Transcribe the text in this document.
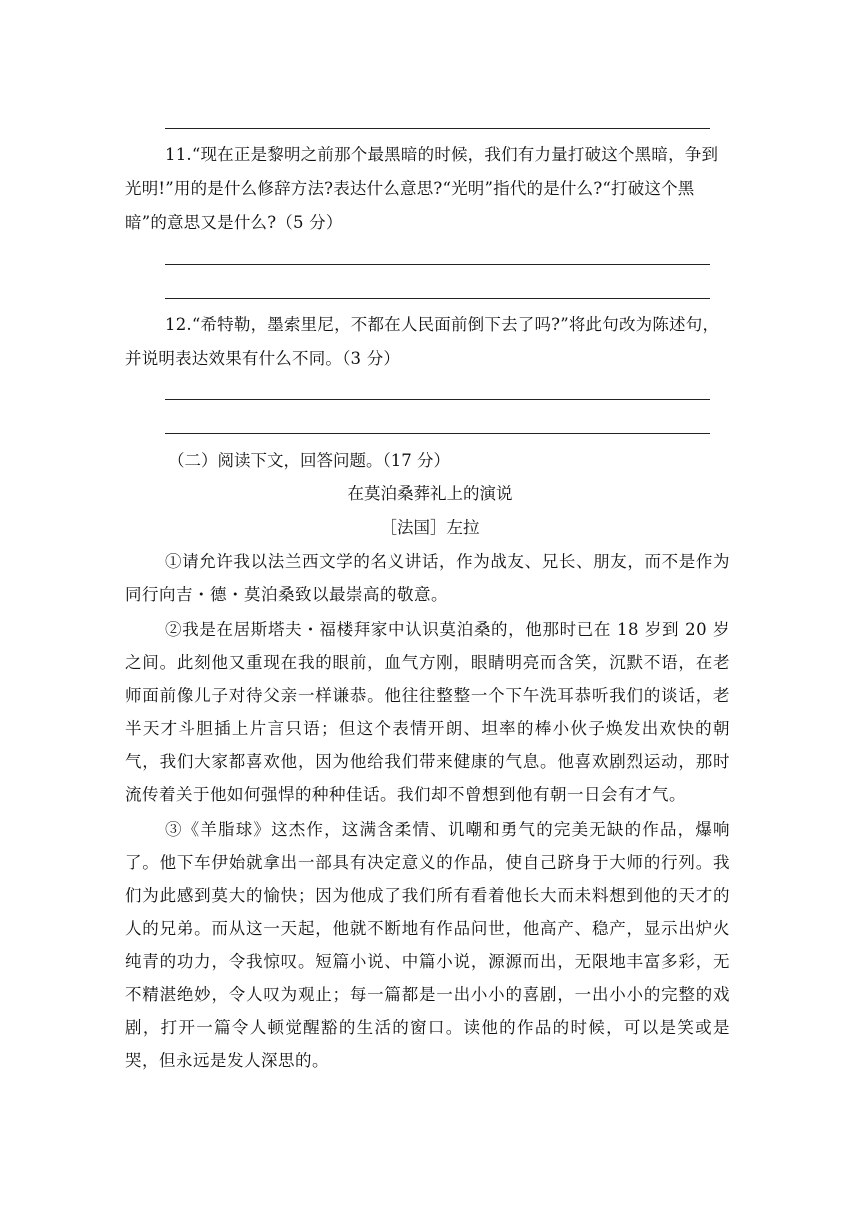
11.“现在正是黎明之前那个最黑暗的时候，我们有力量打破这个黑暗，争到光明!”用的是什么修辞方法?表达什么意思?“光明”指代的是什么?“打破这个黑暗”的意思又是什么?（5 分）
12.“希特勒，墨索里尼，不都在人民面前倒下去了吗?”将此句改为陈述句，并说明表达效果有什么不同。（3 分）
（二）阅读下文，回答问题。（17 分）
在莫泊桑葬礼上的演说
［法国］左拉
①请允许我以法兰西文学的名义讲话，作为战友、兄长、朋友，而不是作为同行向吉・德・莫泊桑致以最崇高的敬意。
②我是在居斯塔夫・福楼拜家中认识莫泊桑的，他那时已在 18 岁到 20 岁之间。此刻他又重现在我的眼前，血气方刚，眼睛明亮而含笑，沉默不语，在老师面前像儿子对待父亲一样谦恭。他往往整整一个下午洗耳恭听我们的谈话，老半天才斗胆插上片言只语；但这个表情开朗、坦率的棒小伙子焕发出欢快的朝气，我们大家都喜欢他，因为他给我们带来健康的气息。他喜欢剧烈运动，那时流传着关于他如何强悍的种种佳话。我们却不曾想到他有朝一日会有才气。
③《羊脂球》这杰作，这满含柔情、讥嘲和勇气的完美无缺的作品，爆响了。他下车伊始就拿出一部具有决定意义的作品，使自己跻身于大师的行列。我们为此感到莫大的愉快；因为他成了我们所有看着他长大而未料想到他的天才的人的兄弟。而从这一天起，他就不断地有作品问世，他高产、稳产，显示出炉火纯青的功力，令我惊叹。短篇小说、中篇小说，源源而出，无限地丰富多彩，无不精湛绝妙，令人叹为观止；每一篇都是一出小小的喜剧，一出小小的完整的戏剧，打开一篇令人顿觉醒豁的生活的窗口。读他的作品的时候，可以是笑或是哭，但永远是发人深思的。
